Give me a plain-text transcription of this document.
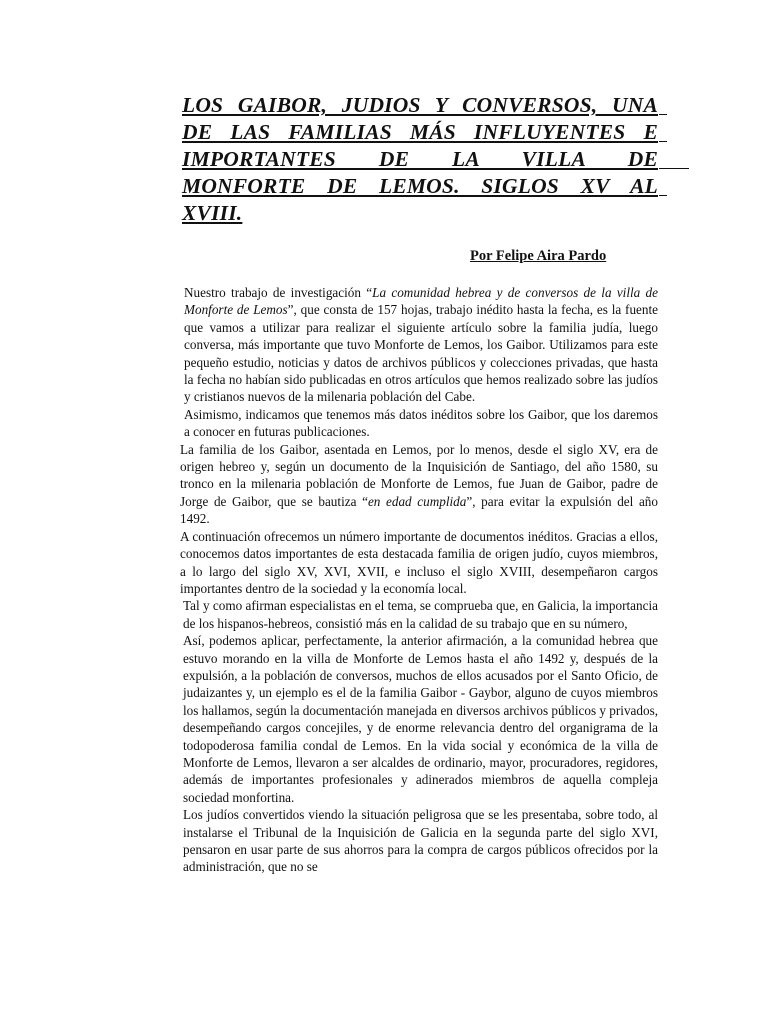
LOS GAIBOR, JUDIOS Y CONVERSOS, UNA
DE LAS FAMILIAS MÁS INFLUYENTES E
IMPORTANTES DE LA VILLA DE
MONFORTE DE LEMOS. SIGLOS XV AL
XVIII.
Por Felipe Aira Pardo

Nuestro trabajo de investigación “La comunidad hebrea y de conversos de la villa de Monforte de Lemos”, que consta de 157 hojas, trabajo inédito hasta la fecha, es la fuente que vamos a utilizar para realizar el siguiente artículo sobre la familia judía, luego conversa, más importante que tuvo Monforte de Lemos, los Gaibor. Utilizamos para este pequeño estudio, noticias y datos de archivos públicos y colecciones privadas, que hasta la fecha no habían sido publicadas en otros artículos que hemos realizado sobre las judíos y cristianos nuevos de la milenaria población del Cabe.

Asimismo, indicamos que tenemos más datos inéditos sobre los Gaibor, que los daremos a conocer en futuras publicaciones.

La familia de los Gaibor, asentada en Lemos, por lo menos, desde el siglo XV, era de origen hebreo y, según un documento de la Inquisición de Santiago, del año 1580, su tronco en la milenaria población de Monforte de Lemos, fue Juan de Gaibor, padre de Jorge de Gaibor, que se bautiza “en edad cumplida”, para evitar la expulsión del año 1492.

A continuación ofrecemos un número importante de documentos inéditos. Gracias a ellos, conocemos datos importantes de esta destacada familia de origen judío, cuyos miembros, a lo largo del siglo XV, XVI, XVII, e incluso el siglo XVIII, desempeñaron cargos importantes dentro de la sociedad y la economía local.

Tal y como afirman especialistas en el tema, se comprueba que, en Galicia, la importancia de los hispanos-hebreos, consistió más en la calidad de su trabajo que en su número,

Así, podemos aplicar, perfectamente, la anterior afirmación, a la comunidad hebrea que estuvo morando en la villa de Monforte de Lemos hasta el año 1492 y, después de la expulsión, a la población de conversos, muchos de ellos acusados por el Santo Oficio, de judaizantes y, un ejemplo es el de la familia Gaibor - Gaybor, alguno de cuyos miembros los hallamos, según la documentación manejada en diversos archivos públicos y privados, desempeñando cargos concejiles, y de enorme relevancia dentro del organigrama de la todopoderosa familia condal de Lemos. En la vida social y económica de la villa de Monforte de Lemos, llevaron a ser alcaldes de ordinario, mayor, procuradores, regidores, además de importantes profesionales y adinerados miembros de aquella compleja sociedad monfortina.

Los judíos convertidos viendo la situación peligrosa que se les presentaba, sobre todo, al instalarse el Tribunal de la Inquisición de Galicia en la segunda parte del siglo XVI, pensaron en usar parte de sus ahorros para la compra de cargos públicos ofrecidos por la administración, que no se
